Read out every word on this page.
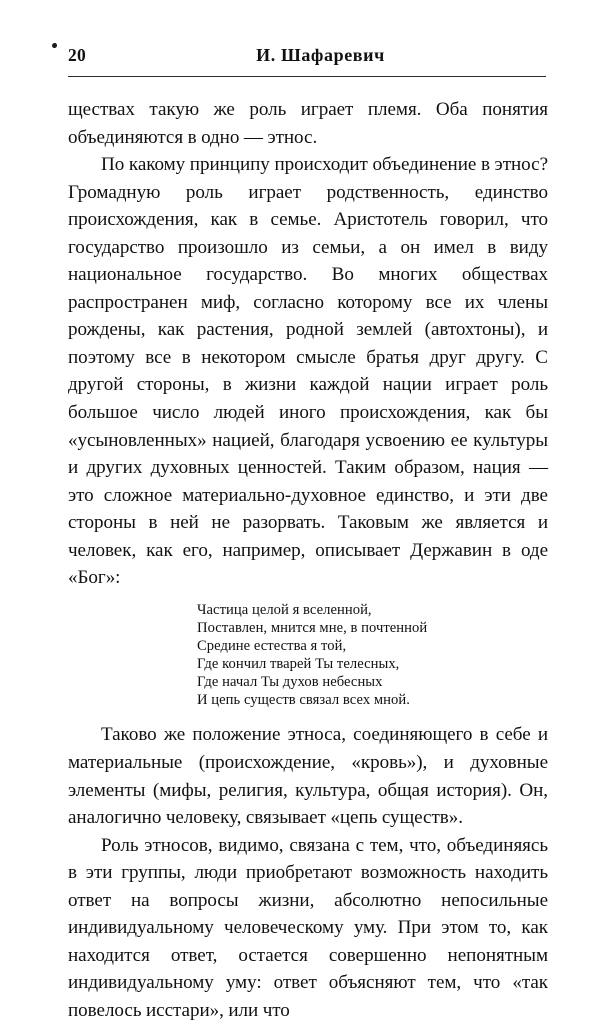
20	И. Шафаревич

ществах такую же роль играет племя. Оба понятия объединяются в одно — этнос.

По какому принципу происходит объединение в этнос? Громадную роль играет родственность, единство происхождения, как в семье. Аристотель говорил, что государство произошло из семьи, а он имел в виду национальное государство. Во многих обществах распространен миф, согласно которому все их члены рождены, как растения, родной землей (автохтоны), и поэтому все в некотором смысле братья друг другу. С другой стороны, в жизни каждой нации играет роль большое число людей иного происхождения, как бы «усыновленных» нацией, благодаря усвоению ее культуры и других духовных ценностей. Таким образом, нация — это сложное материально-духовное единство, и эти две стороны в ней не разорвать. Таковым же является и человек, как его, например, описывает Державин в оде «Бог»:

Частица целой я вселенной,
Поставлен, мнится мне, в почтенной
Средине естества я той,
Где кончил тварей Ты телесных,
Где начал Ты духов небесных
И цепь существ связал всех мной.

Таково же положение этноса, соединяющего в себе и материальные (происхождение, «кровь»), и духовные элементы (мифы, религия, культура, общая история). Он, аналогично человеку, связывает «цепь существ».

Роль этносов, видимо, связана с тем, что, объединяясь в эти группы, люди приобретают возможность находить ответ на вопросы жизни, абсолютно непосильные индивидуальному человеческому уму. При этом то, как находится ответ, остается совершенно непонятным индивидуальному уму: ответ объясняют тем, что «так повелось исстари», или что
